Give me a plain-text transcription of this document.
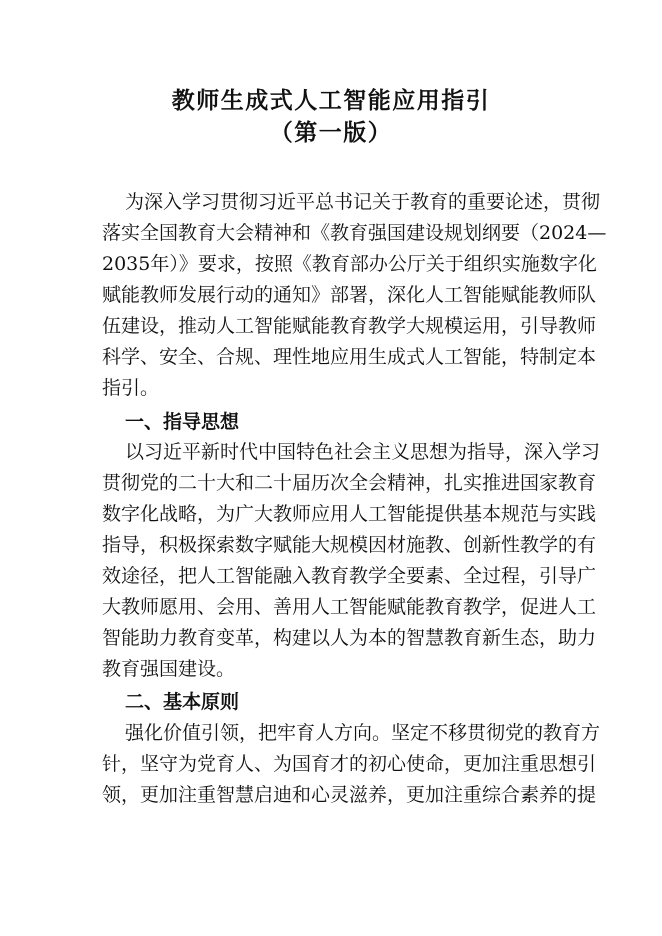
教师生成式人工智能应用指引
（第一版）
为深入学习贯彻习近平总书记关于教育的重要论述，贯彻
落实全国教育大会精神和《教育强国建设规划纲要（2024—
2035年）》要求，按照《教育部办公厅关于组织实施数字化
赋能教师发展行动的通知》部署，深化人工智能赋能教师队
伍建设，推动人工智能赋能教育教学大规模运用，引导教师
科学、安全、合规、理性地应用生成式人工智能，特制定本
指引。
一、指导思想
以习近平新时代中国特色社会主义思想为指导，深入学习
贯彻党的二十大和二十届历次全会精神，扎实推进国家教育
数字化战略，为广大教师应用人工智能提供基本规范与实践
指导，积极探索数字赋能大规模因材施教、创新性教学的有
效途径，把人工智能融入教育教学全要素、全过程，引导广
大教师愿用、会用、善用人工智能赋能教育教学，促进人工
智能助力教育变革，构建以人为本的智慧教育新生态，助力
教育强国建设。
二、基本原则
强化价值引领，把牢育人方向。坚定不移贯彻党的教育方
针，坚守为党育人、为国育才的初心使命，更加注重思想引
领，更加注重智慧启迪和心灵滋养，更加注重综合素养的提
